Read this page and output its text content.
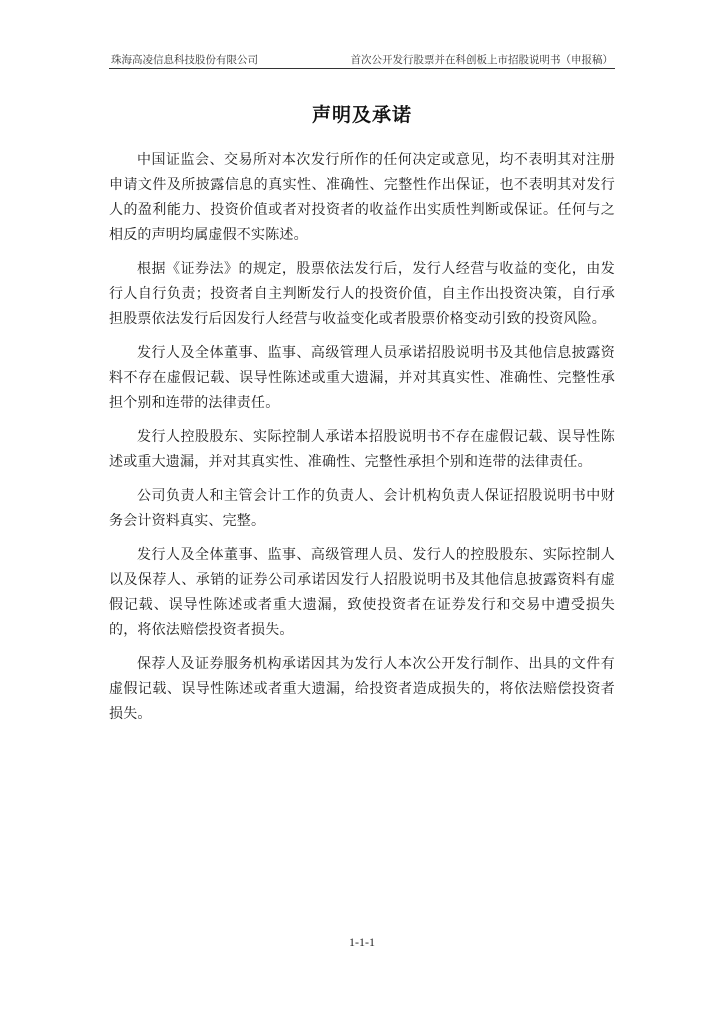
珠海高凌信息科技股份有限公司	首次公开发行股票并在科创板上市招股说明书（申报稿）
声明及承诺

中国证监会、交易所对本次发行所作的任何决定或意见，均不表明其对注册申请文件及所披露信息的真实性、准确性、完整性作出保证，也不表明其对发行人的盈利能力、投资价值或者对投资者的收益作出实质性判断或保证。任何与之相反的声明均属虚假不实陈述。

根据《证券法》的规定，股票依法发行后，发行人经营与收益的变化，由发行人自行负责；投资者自主判断发行人的投资价值，自主作出投资决策，自行承担股票依法发行后因发行人经营与收益变化或者股票价格变动引致的投资风险。

发行人及全体董事、监事、高级管理人员承诺招股说明书及其他信息披露资料不存在虚假记载、误导性陈述或重大遗漏，并对其真实性、准确性、完整性承担个别和连带的法律责任。

发行人控股股东、实际控制人承诺本招股说明书不存在虚假记载、误导性陈述或重大遗漏，并对其真实性、准确性、完整性承担个别和连带的法律责任。

公司负责人和主管会计工作的负责人、会计机构负责人保证招股说明书中财务会计资料真实、完整。

发行人及全体董事、监事、高级管理人员、发行人的控股股东、实际控制人以及保荐人、承销的证券公司承诺因发行人招股说明书及其他信息披露资料有虚假记载、误导性陈述或者重大遗漏，致使投资者在证券发行和交易中遭受损失的，将依法赔偿投资者损失。

保荐人及证券服务机构承诺因其为发行人本次公开发行制作、出具的文件有虚假记载、误导性陈述或者重大遗漏，给投资者造成损失的，将依法赔偿投资者损失。

1-1-1
